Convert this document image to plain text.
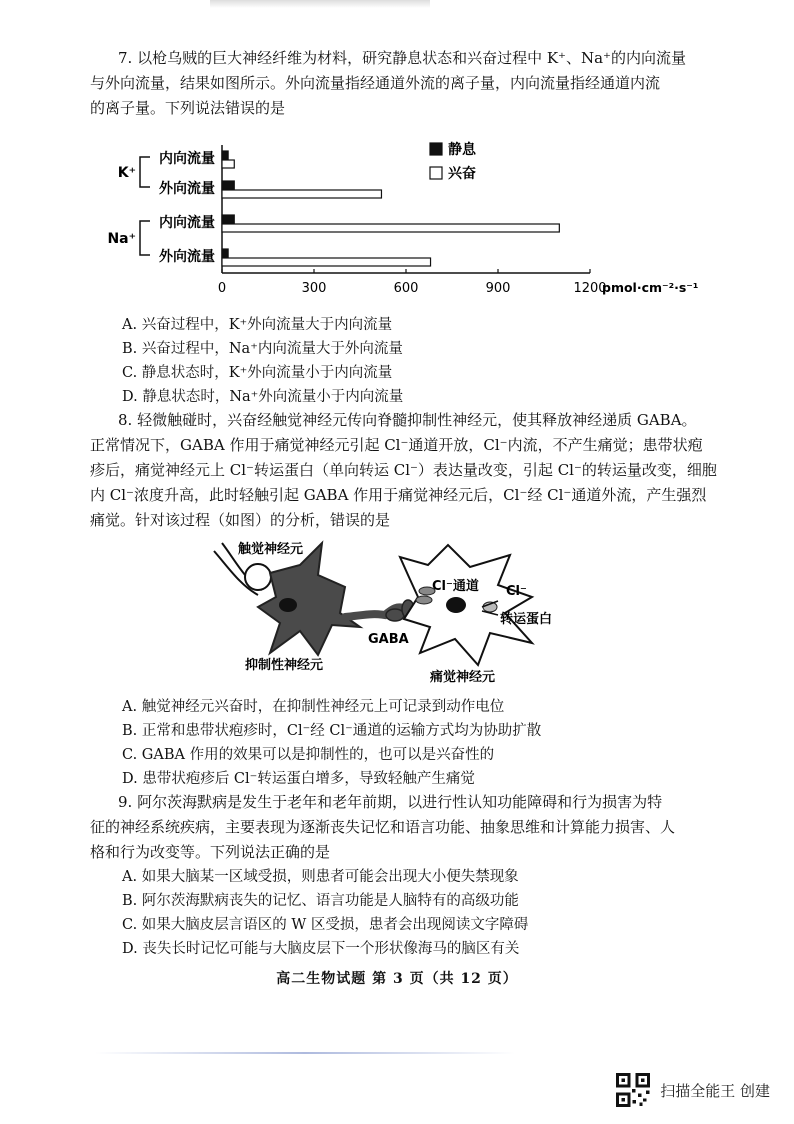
7. 以枪乌贼的巨大神经纤维为材料，研究静息状态和兴奋过程中 K⁺、Na⁺的内向流量
与外向流量，结果如图所示。外向流量指经通道外流的离子量，内向流量指经通道内流
的离子量。下列说法错误的是
0	300	600	900	1200
pmol·cm⁻²·s⁻¹
内向流量
外向流量
内向流量
外向流量
K⁺
Na⁺
静息
兴奋
A. 兴奋过程中，K⁺外向流量大于内向流量
B. 兴奋过程中，Na⁺内向流量大于外向流量
C. 静息状态时，K⁺外向流量小于内向流量
D. 静息状态时，Na⁺外向流量小于内向流量
8. 轻微触碰时，兴奋经触觉神经元传向脊髓抑制性神经元，使其释放神经递质 GABA。
正常情况下，GABA 作用于痛觉神经元引起 Cl⁻通道开放，Cl⁻内流，不产生痛觉；患带状疱
疹后，痛觉神经元上 Cl⁻转运蛋白（单向转运 Cl⁻）表达量改变，引起 Cl⁻的转运量改变，细胞
内 Cl⁻浓度升高，此时轻触引起 GABA 作用于痛觉神经元后，Cl⁻经 Cl⁻通道外流，产生强烈
痛觉。针对该过程（如图）的分析，错误的是
触觉神经元
抑制性神经元
GABA
Cl⁻通道 Cl⁻
转运蛋白
痛觉神经元
A. 触觉神经元兴奋时，在抑制性神经元上可记录到动作电位
B. 正常和患带状疱疹时，Cl⁻经 Cl⁻通道的运输方式均为协助扩散
C. GABA 作用的效果可以是抑制性的，也可以是兴奋性的
D. 患带状疱疹后 Cl⁻转运蛋白增多，导致轻触产生痛觉
9. 阿尔茨海默病是发生于老年和老年前期，以进行性认知功能障碍和行为损害为特
征的神经系统疾病，主要表现为逐渐丧失记忆和语言功能、抽象思维和计算能力损害、人
格和行为改变等。下列说法正确的是
A. 如果大脑某一区域受损，则患者可能会出现大小便失禁现象
B. 阿尔茨海默病丧失的记忆、语言功能是人脑特有的高级功能
C. 如果大脑皮层言语区的 W 区受损，患者会出现阅读文字障碍
D. 丧失长时记忆可能与大脑皮层下一个形状像海马的脑区有关
高二生物试题 第 3 页（共 12 页）
扫描全能王 创建
